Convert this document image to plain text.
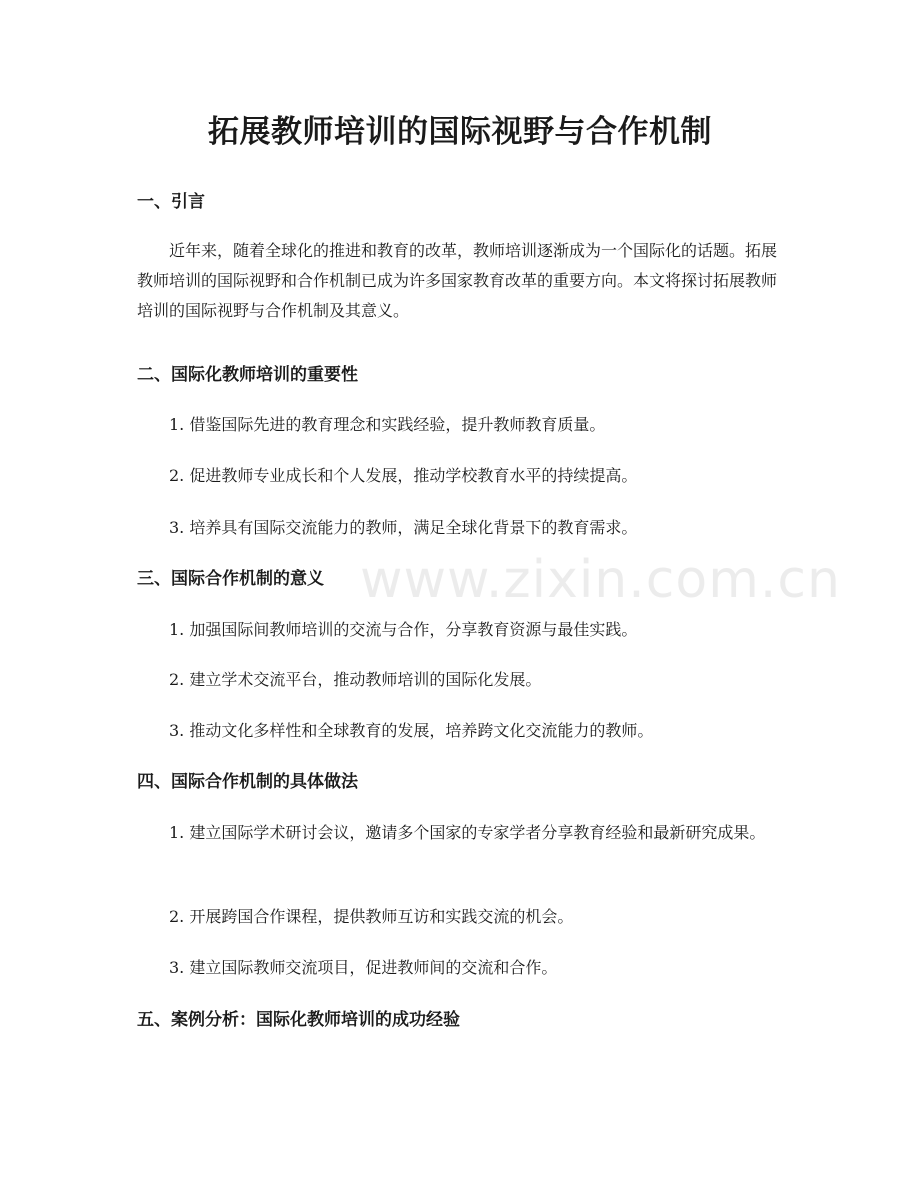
拓展教师培训的国际视野与合作机制
一、引言

近年来，随着全球化的推进和教育的改革，教师培训逐渐成为一个国际化的话题。拓展教师培训的国际视野和合作机制已成为许多国家教育改革的重要方向。本文将探讨拓展教师培训的国际视野与合作机制及其意义。

二、国际化教师培训的重要性

1. 借鉴国际先进的教育理念和实践经验，提升教师教育质量。

2. 促进教师专业成长和个人发展，推动学校教育水平的持续提高。

3. 培养具有国际交流能力的教师，满足全球化背景下的教育需求。

三、国际合作机制的意义

1. 加强国际间教师培训的交流与合作，分享教育资源与最佳实践。

2. 建立学术交流平台，推动教师培训的国际化发展。

3. 推动文化多样性和全球教育的发展，培养跨文化交流能力的教师。

四、国际合作机制的具体做法

1. 建立国际学术研讨会议，邀请多个国家的专家学者分享教育经验和最新研究成果。

2. 开展跨国合作课程，提供教师互访和实践交流的机会。

3. 建立国际教师交流项目，促进教师间的交流和合作。

五、案例分析：国际化教师培训的成功经验
www.zixin.com.cn
